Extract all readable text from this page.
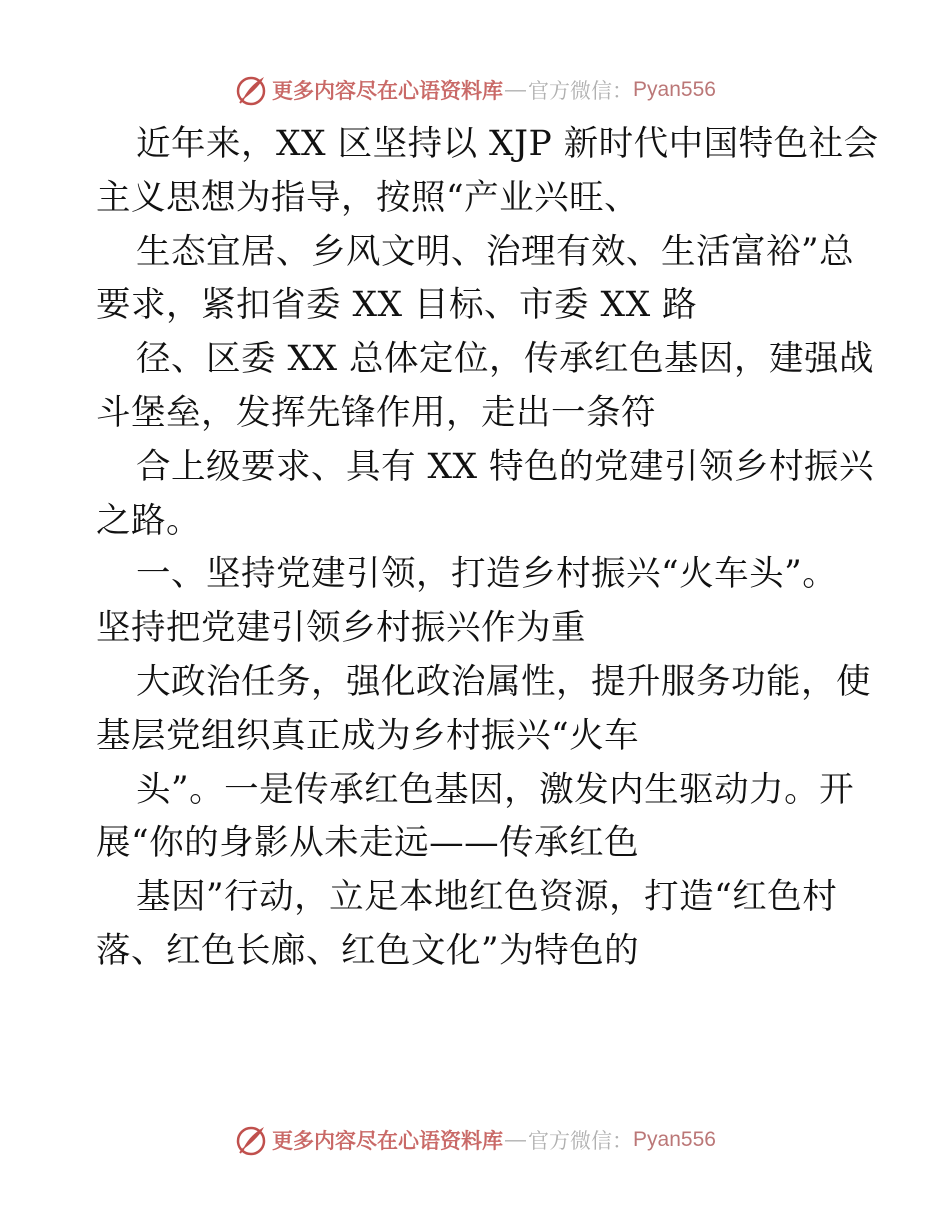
更多内容尽在心语资料库 — 官方微信： Pyan556
近年来，XX 区坚持以 XJP 新时代中国特色社会
主义思想为指导，按照“产业兴旺、
生态宜居、乡风文明、治理有效、生活富裕”总
要求，紧扣省委 XX 目标、市委 XX 路
径、区委 XX 总体定位，传承红色基因，建强战
斗堡垒，发挥先锋作用，走出一条符
合上级要求、具有 XX 特色的党建引领乡村振兴
之路。
一、坚持党建引领，打造乡村振兴“火车头”。
坚持把党建引领乡村振兴作为重
大政治任务，强化政治属性，提升服务功能，使
基层党组织真正成为乡村振兴“火车
头”。一是传承红色基因，激发内生驱动力。开
展“你的身影从未走远——传承红色
基因”行动，立足本地红色资源，打造“红色村
落、红色长廊、红色文化”为特色的
更多内容尽在心语资料库 — 官方微信： Pyan556
